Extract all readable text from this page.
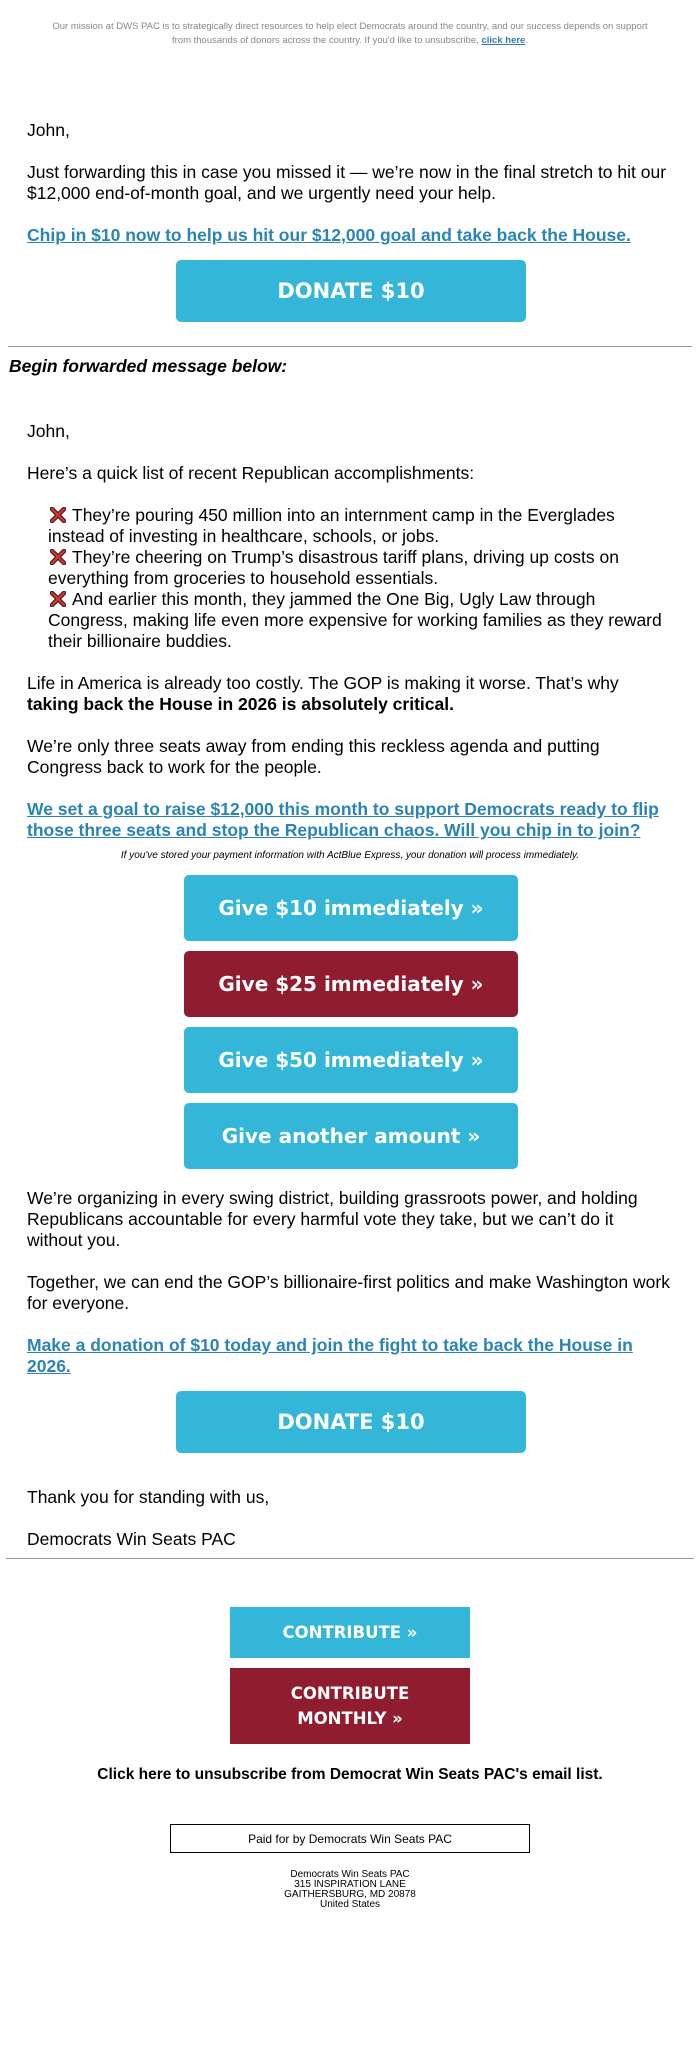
Our mission at DWS PAC is to strategically direct resources to help elect Democrats around the country, and our success depends on support from thousands of donors across the country. If you'd like to unsubscribe, click here.

John,

Just forwarding this in case you missed it — we’re now in the final stretch to hit our $12,000 end-of-month goal, and we urgently need your help.

Chip in $10 now to help us hit our $12,000 goal and take back the House.
DONATE $10
Begin forwarded message below:

John,

Here’s a quick list of recent Republican accomplishments:

They’re pouring 450 million into an internment camp in the Everglades instead of investing in healthcare, schools, or jobs.
They’re cheering on Trump’s disastrous tariff plans, driving up costs on everything from groceries to household essentials.
And earlier this month, they jammed the One Big, Ugly Law through Congress, making life even more expensive for working families as they reward their billionaire buddies.

Life in America is already too costly. The GOP is making it worse. That’s why taking back the House in 2026 is absolutely critical.

We’re only three seats away from ending this reckless agenda and putting Congress back to work for the people.

We set a goal to raise $12,000 this month to support Democrats ready to flip those three seats and stop the Republican chaos. Will you chip in to join?
If you've stored your payment information with ActBlue Express, your donation will process immediately.
Give $10 immediately »
Give $25 immediately »
Give $50 immediately »
Give another amount »

We’re organizing in every swing district, building grassroots power, and holding Republicans accountable for every harmful vote they take, but we can’t do it without you.

Together, we can end the GOP’s billionaire-first politics and make Washington work for everyone.

Make a donation of $10 today and join the fight to take back the House in 2026.
DONATE $10

Thank you for standing with us,

Democrats Win Seats PAC

CONTRIBUTE »
CONTRIBUTE
MONTHLY »
Click here to unsubscribe from Democrat Win Seats PAC's email list.
Paid for by Democrats Win Seats PAC
Democrats Win Seats PAC
315 INSPIRATION LANE
GAITHERSBURG, MD 20878
United States
